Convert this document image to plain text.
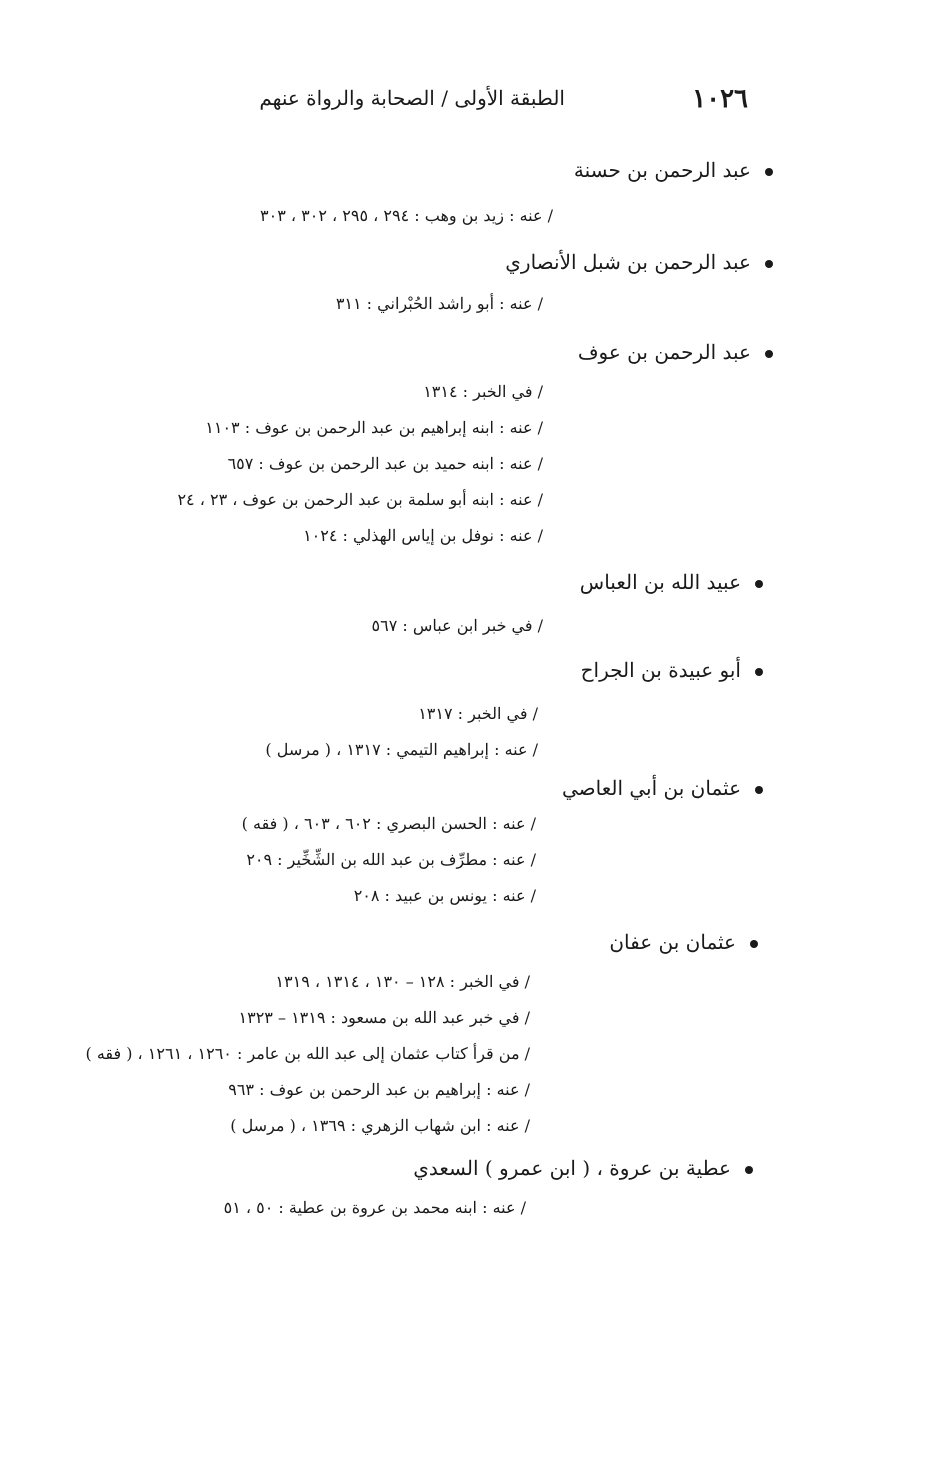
١٠٢٦
الطبقة الأولى / الصحابة والرواة عنهم
عبد الرحمن بن حسنة
/ عنه : زيد بن وهب : ٢٩٤ ، ٢٩٥ ، ٣٠٢ ، ٣٠٣
عبد الرحمن بن شبل الأنصاري
/ عنه : أبو راشد الحُبْراني : ٣١١
عبد الرحمن بن عوف
/ في الخبر : ١٣١٤
/ عنه : ابنه إبراهيم بن عبد الرحمن بن عوف : ١١٠٣
/ عنه : ابنه حميد بن عبد الرحمن بن عوف : ٦٥٧
/ عنه : ابنه أبو سلمة بن عبد الرحمن بن عوف ، ٢٣ ، ٢٤
/ عنه : نوفل بن إياس الهذلي : ١٠٢٤
عبيد الله بن العباس
/ في خبر ابن عباس : ٥٦٧
أبو عبيدة بن الجراح
/ في الخبر : ١٣١٧
/ عنه : إبراهيم التيمي : ١٣١٧ ، ( مرسل )
عثمان بن أبي العاصي
/ عنه : الحسن البصري : ٦٠٢ ، ٦٠٣ ، ( فقه )
/ عنه : مطرِّف بن عبد الله بن الشِّخِّير : ٢٠٩
/ عنه : يونس بن عبيد : ٢٠٨
عثمان بن عفان
/ في الخبر : ١٢٨ – ١٣٠ ، ١٣١٤ ، ١٣١٩
/ في خبر عبد الله بن مسعود : ١٣١٩ – ١٣٢٣
/ من قرأ كتاب عثمان إلى عبد الله بن عامر : ١٢٦٠ ، ١٢٦١ ، ( فقه )
/ عنه : إبراهيم بن عبد الرحمن بن عوف : ٩٦٣
/ عنه : ابن شهاب الزهري : ١٣٦٩ ، ( مرسل )
عطية بن عروة ، ( ابن عمرو ) السعدي
/ عنه : ابنه محمد بن عروة بن عطية : ٥٠ ، ٥١
